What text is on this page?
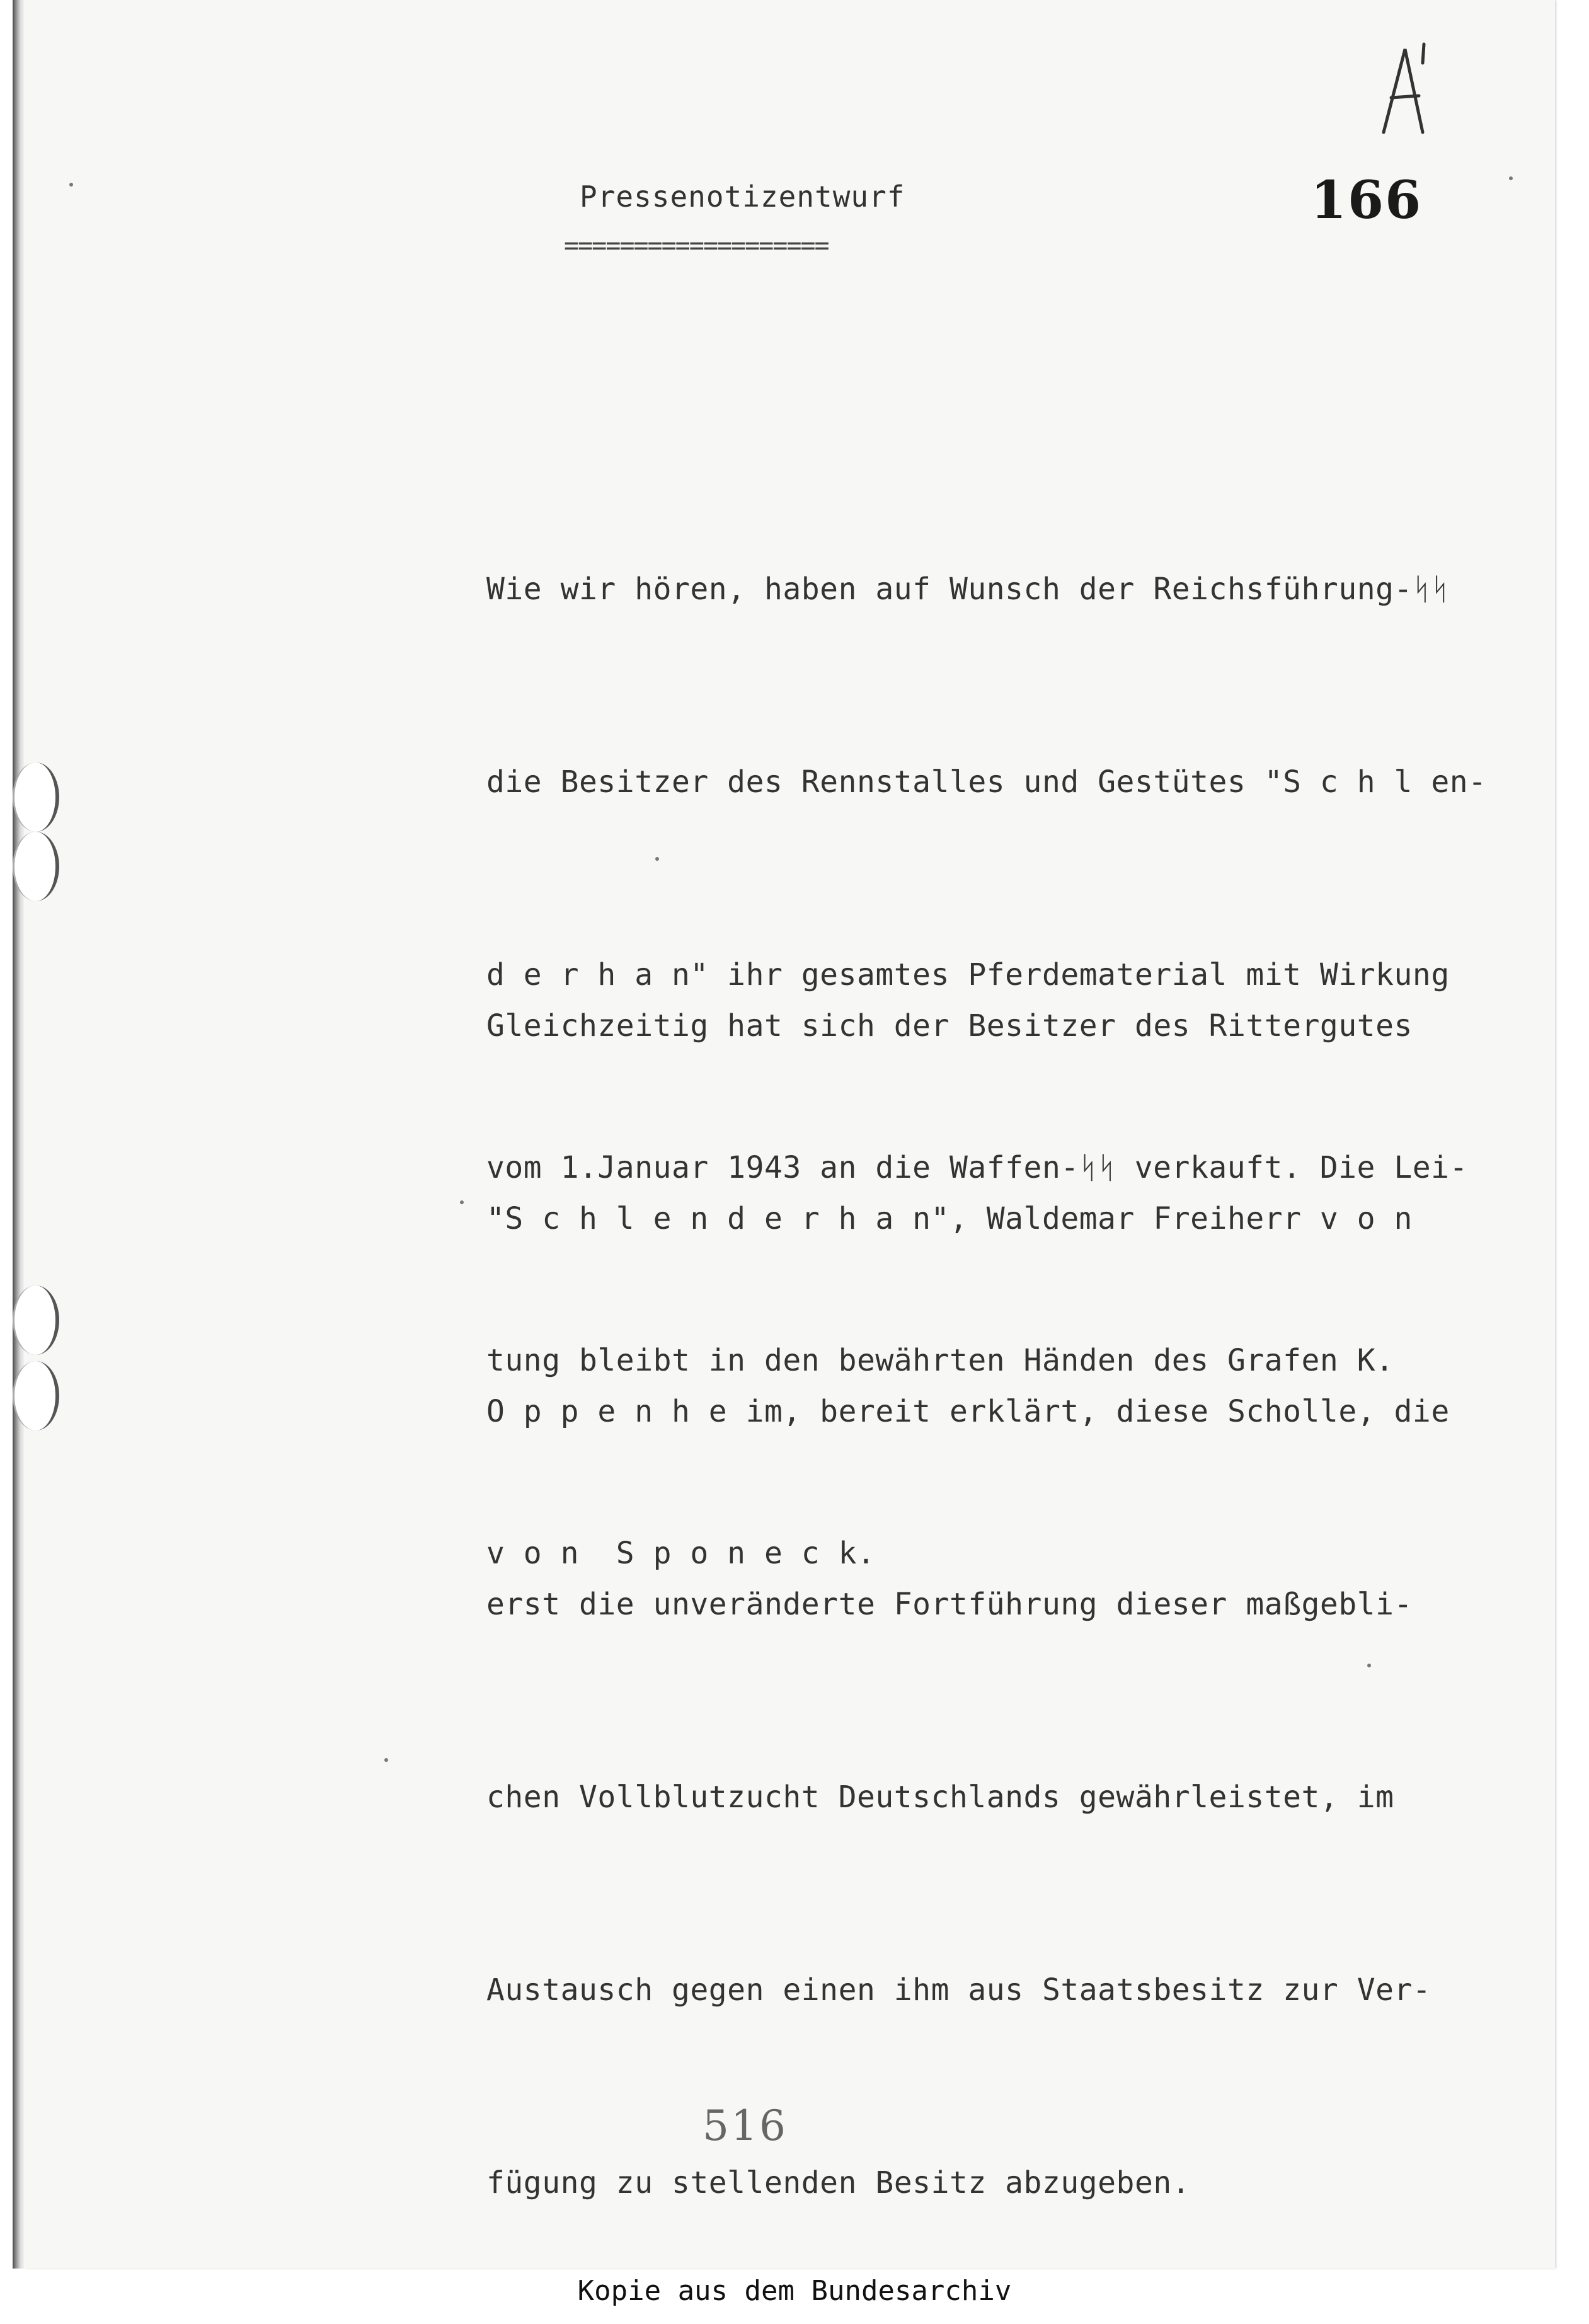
Pressenotizentwurf
===================
166

Wie wir hören, haben auf Wunsch der Reichsführung-ᛋᛋ

die Besitzer des Rennstalles und Gestütes "S c h l en-

d e r h a n" ihr gesamtes Pferdematerial mit Wirkung

vom 1.Januar 1943 an die Waffen-ᛋᛋ verkauft. Die Lei-

tung bleibt in den bewährten Händen des Grafen K.

v o n  S p o n e c k.

Gleichzeitig hat sich der Besitzer des Rittergutes

"S c h l e n d e r h a n", Waldemar Freiherr v o n

O p p e n h e im, bereit erklärt, diese Scholle, die

erst die unveränderte Fortführung dieser maßgebli-

chen Vollblutzucht Deutschlands gewährleistet, im

Austausch gegen einen ihm aus Staatsbesitz zur Ver-

fügung zu stellenden Besitz abzugeben.

516
Kopie aus dem Bundesarchiv
